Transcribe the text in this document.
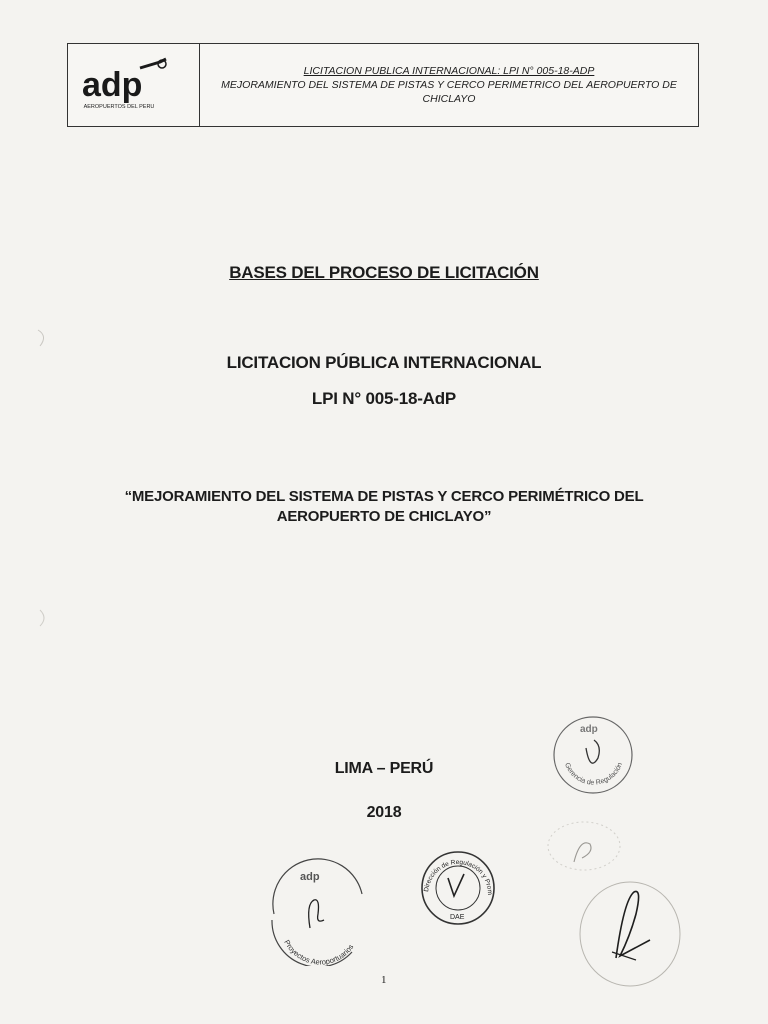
adp
AEROPUERTOS DEL PERU
LICITACION PUBLICA INTERNACIONAL: LPI N° 005-18-ADP
MEJORAMIENTO DEL SISTEMA DE PISTAS Y CERCO PERIMETRICO DEL AEROPUERTO DE
CHICLAYO
BASES DEL PROCESO DE LICITACIÓN
LICITACION PÚBLICA INTERNACIONAL
LPI N° 005-18-AdP
“MEJORAMIENTO DEL SISTEMA DE PISTAS Y CERCO PERIMÉTRICO DEL
AEROPUERTO DE CHICLAYO”
LIMA – PERÚ
2018
adp
Gerencia de Regulación
adp
Proyectos Aeroportuarios
Dirección de Regulación y Prom
DAE
1
